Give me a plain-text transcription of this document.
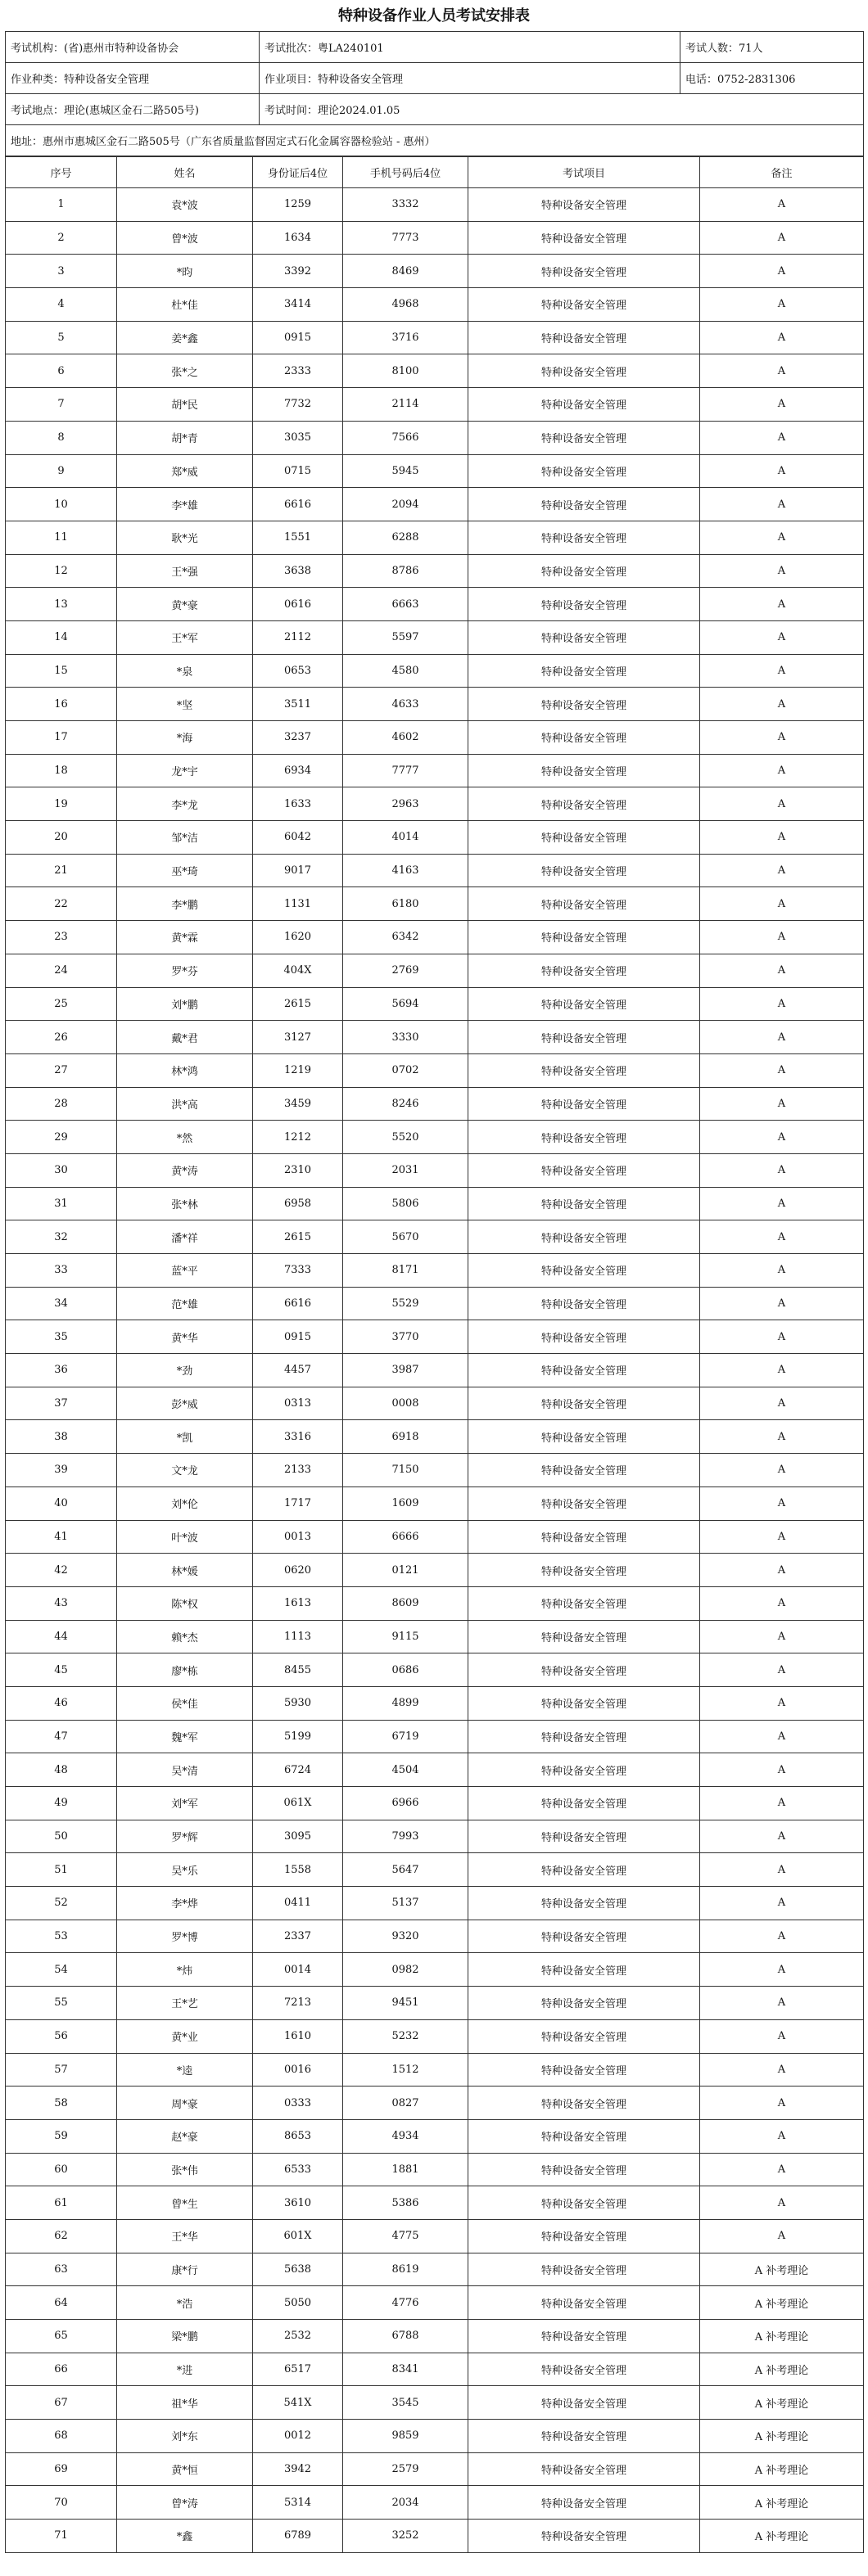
特种设备作业人员考试安排表
考试机构：(省)惠州市特种设备协会	考试批次：粤LA240101	考试人数：71人
作业种类：特种设备安全管理	作业项目：特种设备安全管理	电话：0752-2831306
考试地点：理论(惠城区金石二路505号)	考试时间：理论2024.01.05	
地址：惠州市惠城区金石二路505号（广东省质量监督固定式石化金属容器检验站 - 惠州）		
序号	姓名	身份证后4位	手机号码后4位	考试项目	备注
1	袁*波	1259	3332	特种设备安全管理	A
2	曾*波	1634	7773	特种设备安全管理	A
3	*昀	3392	8469	特种设备安全管理	A
4	杜*佳	3414	4968	特种设备安全管理	A
5	姜*鑫	0915	3716	特种设备安全管理	A
6	张*之	2333	8100	特种设备安全管理	A
7	胡*民	7732	2114	特种设备安全管理	A
8	胡*青	3035	7566	特种设备安全管理	A
9	郑*威	0715	5945	特种设备安全管理	A
10	李*雄	6616	2094	特种设备安全管理	A
11	耿*光	1551	6288	特种设备安全管理	A
12	王*强	3638	8786	特种设备安全管理	A
13	黄*豪	0616	6663	特种设备安全管理	A
14	王*军	2112	5597	特种设备安全管理	A
15	*泉	0653	4580	特种设备安全管理	A
16	*坚	3511	4633	特种设备安全管理	A
17	*海	3237	4602	特种设备安全管理	A
18	龙*宇	6934	7777	特种设备安全管理	A
19	李*龙	1633	2963	特种设备安全管理	A
20	邹*洁	6042	4014	特种设备安全管理	A
21	巫*琦	9017	4163	特种设备安全管理	A
22	李*鹏	1131	6180	特种设备安全管理	A
23	黄*霖	1620	6342	特种设备安全管理	A
24	罗*芬	404X	2769	特种设备安全管理	A
25	刘*鹏	2615	5694	特种设备安全管理	A
26	戴*君	3127	3330	特种设备安全管理	A
27	林*鸿	1219	0702	特种设备安全管理	A
28	洪*高	3459	8246	特种设备安全管理	A
29	*然	1212	5520	特种设备安全管理	A
30	黄*涛	2310	2031	特种设备安全管理	A
31	张*林	6958	5806	特种设备安全管理	A
32	潘*祥	2615	5670	特种设备安全管理	A
33	蓝*平	7333	8171	特种设备安全管理	A
34	范*雄	6616	5529	特种设备安全管理	A
35	黄*华	0915	3770	特种设备安全管理	A
36	*劲	4457	3987	特种设备安全管理	A
37	彭*威	0313	0008	特种设备安全管理	A
38	*凯	3316	6918	特种设备安全管理	A
39	文*龙	2133	7150	特种设备安全管理	A
40	刘*伦	1717	1609	特种设备安全管理	A
41	叶*波	0013	6666	特种设备安全管理	A
42	林*媛	0620	0121	特种设备安全管理	A
43	陈*权	1613	8609	特种设备安全管理	A
44	赖*杰	1113	9115	特种设备安全管理	A
45	廖*栋	8455	0686	特种设备安全管理	A
46	侯*佳	5930	4899	特种设备安全管理	A
47	魏*军	5199	6719	特种设备安全管理	A
48	吴*清	6724	4504	特种设备安全管理	A
49	刘*军	061X	6966	特种设备安全管理	A
50	罗*辉	3095	7993	特种设备安全管理	A
51	吴*乐	1558	5647	特种设备安全管理	A
52	李*烨	0411	5137	特种设备安全管理	A
53	罗*博	2337	9320	特种设备安全管理	A
54	*炜	0014	0982	特种设备安全管理	A
55	王*艺	7213	9451	特种设备安全管理	A
56	黄*业	1610	5232	特种设备安全管理	A
57	*逵	0016	1512	特种设备安全管理	A
58	周*豪	0333	0827	特种设备安全管理	A
59	赵*豪	8653	4934	特种设备安全管理	A
60	张*伟	6533	1881	特种设备安全管理	A
61	曾*生	3610	5386	特种设备安全管理	A
62	王*华	601X	4775	特种设备安全管理	A
63	康*行	5638	8619	特种设备安全管理	A 补考理论
64	*浩	5050	4776	特种设备安全管理	A 补考理论
65	梁*鹏	2532	6788	特种设备安全管理	A 补考理论
66	*进	6517	8341	特种设备安全管理	A 补考理论
67	祖*华	541X	3545	特种设备安全管理	A 补考理论
68	刘*东	0012	9859	特种设备安全管理	A 补考理论
69	黄*恒	3942	2579	特种设备安全管理	A 补考理论
70	曾*涛	5314	2034	特种设备安全管理	A 补考理论
71	*鑫	6789	3252	特种设备安全管理	A 补考理论
